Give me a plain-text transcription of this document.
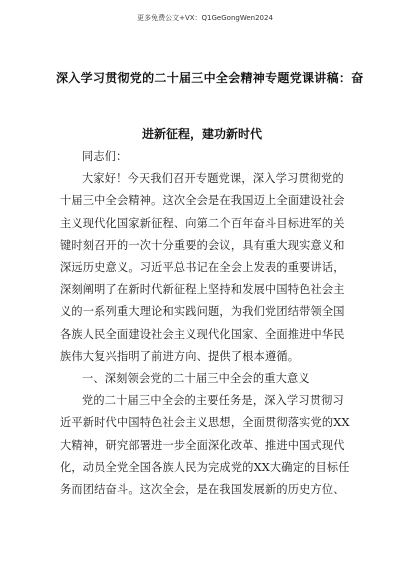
更多免费公文+VX：Q1GeGongWen2024
深入学习贯彻党的二十届三中全会精神专题党课讲稿：奋
进新征程，建功新时代
同志们：
大家好！今天我们召开专题党课，深入学习贯彻党的
十届三中全会精神。这次全会是在我国迈上全面建设社会
主义现代化国家新征程、向第二个百年奋斗目标进军的关
键时刻召开的一次十分重要的会议，具有重大现实意义和
深远历史意义。习近平总书记在全会上发表的重要讲话，
深刻阐明了在新时代新征程上坚持和发展中国特色社会主
义的一系列重大理论和实践问题，为我们党团结带领全国
各族人民全面建设社会主义现代化国家、全面推进中华民
族伟大复兴指明了前进方向、提供了根本遵循。
一、深刻领会党的二十届三中全会的重大意义
党的二十届三中全会的主要任务是，深入学习贯彻习
近平新时代中国特色社会主义思想，全面贯彻落实党的XX
大精神，研究部署进一步全面深化改革、推进中国式现代
化，动员全党全国各族人民为完成党的XX大确定的目标任
务而团结奋斗。这次全会，是在我国发展新的历史方位、
